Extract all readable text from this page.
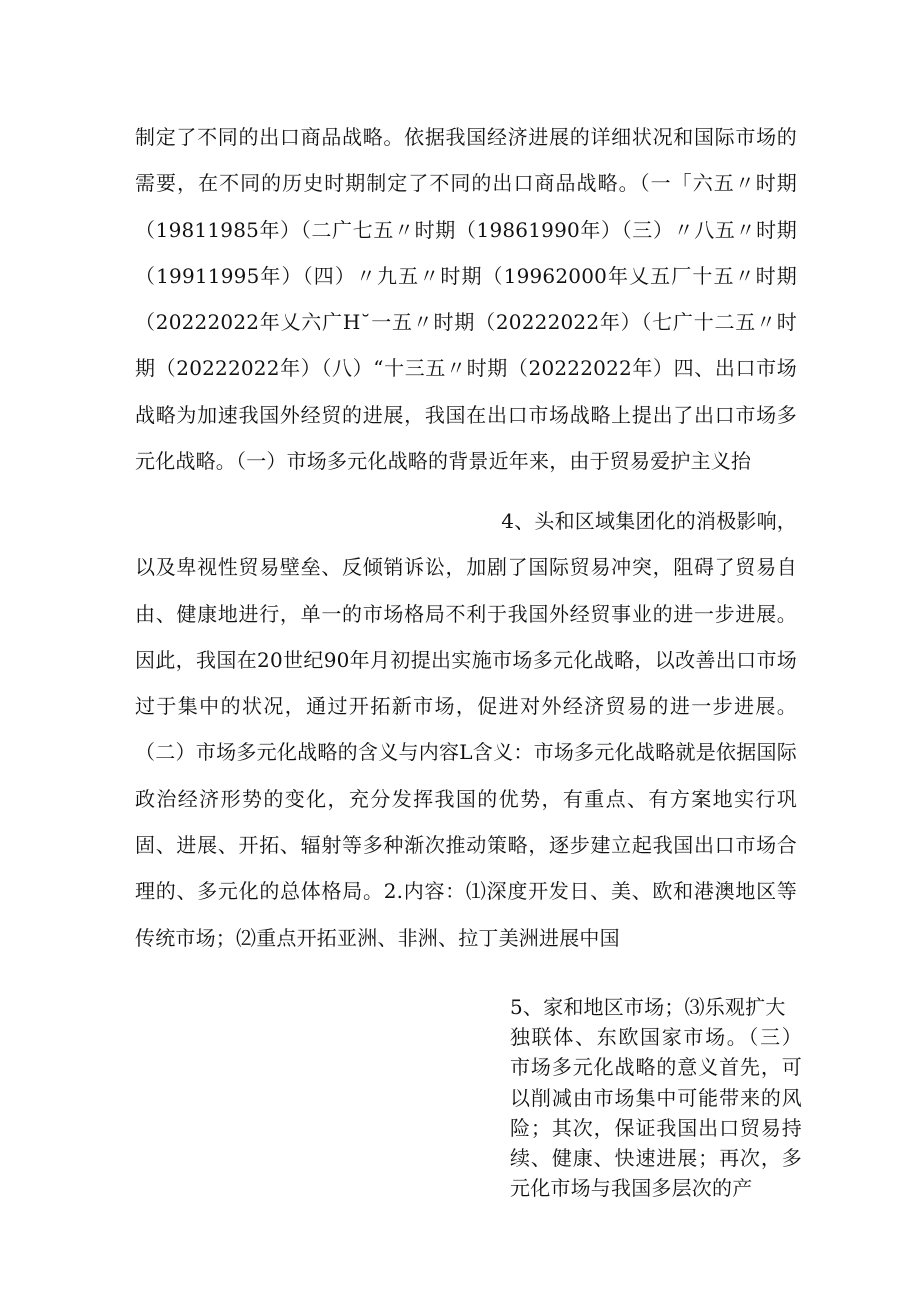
制定了不同的出口商品战略。依据我国经济进展的详细状况和国际市场的需要，在不同的历史时期制定了不同的出口商品战略。（一「六五〃时期（19811985年）（二广七五〃时期（19861990年）（三）〃八五〃时期（19911995年）（四）〃九五〃时期（19962000年乂五厂十五〃时期（20222022年乂六广H˘一五〃时期（20222022年）（七广十二五〃时期（20222022年）（八）“十三五〃时期（20222022年）四、出口市场战略为加速我国外经贸的进展，我国在出口市场战略上提出了出口市场多元化战略。（一）市场多元化战略的背景近年来，由于贸易爱护主义抬
4、头和区域集团化的消极影响，
以及卑视性贸易壁垒、反倾销诉讼，加剧了国际贸易冲突，阻碍了贸易自由、健康地进行，单一的市场格局不利于我国外经贸事业的进一步进展。因此，我国在20世纪90年月初提出实施市场多元化战略，以改善出口市场过于集中的状况，通过开拓新市场，促进对外经济贸易的进一步进展。（二）市场多元化战略的含义与内容L含义：市场多元化战略就是依据国际政治经济形势的变化，充分发挥我国的优势，有重点、有方案地实行巩固、进展、开拓、辐射等多种渐次推动策略，逐步建立起我国出口市场合理的、多元化的总体格局。2.内容：⑴深度开发日、美、欧和港澳地区等传统市场；⑵重点开拓亚洲、非洲、拉丁美洲进展中国
5、家和地区市场；⑶乐观扩大
独联体、东欧国家市场。（三）市场多元化战略的意义首先，可以削减由市场集中可能带来的风险；其次，保证我国出口贸易持续、健康、快速进展；再次，多元化市场与我国多层次的产
